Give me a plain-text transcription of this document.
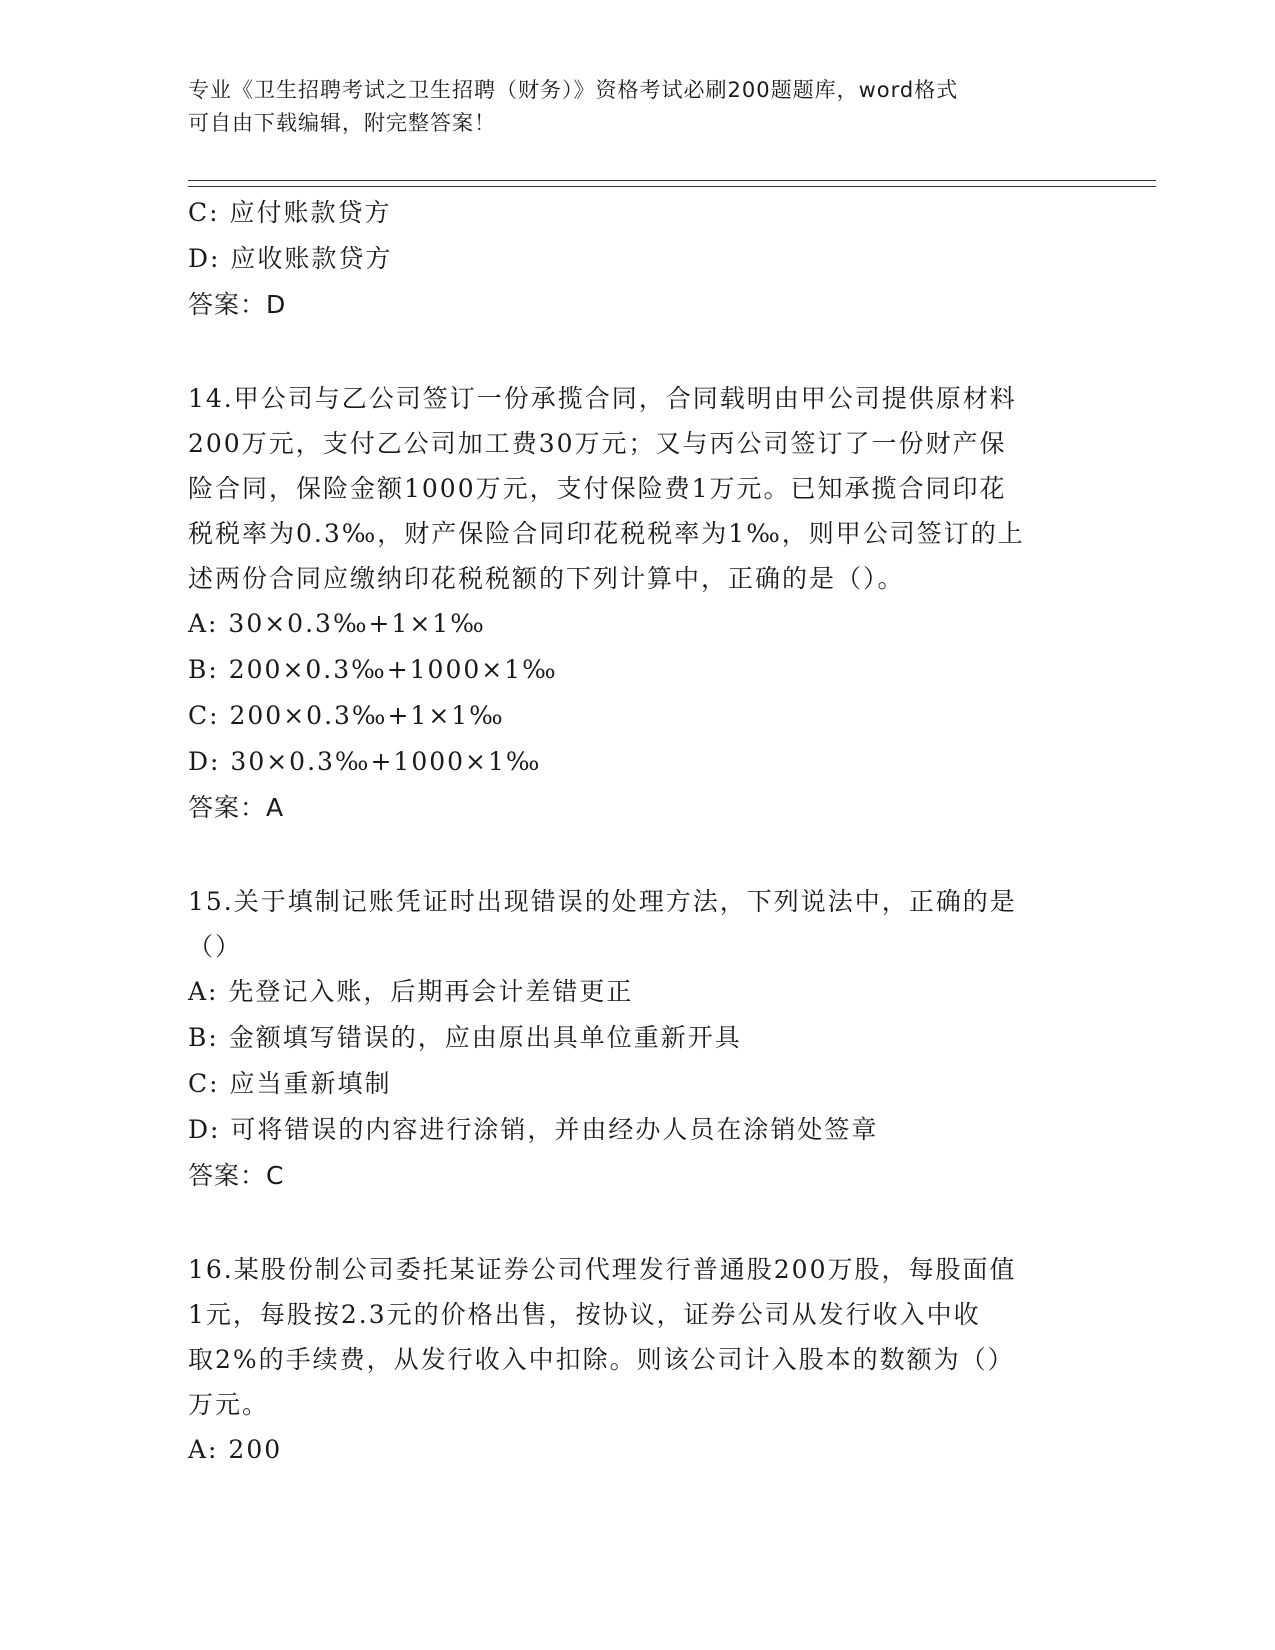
专业《卫生招聘考试之卫生招聘（财务）》资格考试必刷200题题库，word格式
可自由下载编辑，附完整答案！
C: 应付账款贷方
D: 应收账款贷方
答案：D
14.甲公司与乙公司签订一份承揽合同，合同载明由甲公司提供原材料
200万元，支付乙公司加工费30万元；又与丙公司签订了一份财产保
险合同，保险金额1000万元，支付保险费1万元。已知承揽合同印花
税税率为0.3‰，财产保险合同印花税税率为1‰，则甲公司签订的上
述两份合同应缴纳印花税税额的下列计算中，正确的是（）。
A: 30×0.3‰+1×1‰
B: 200×0.3‰+1000×1‰
C: 200×0.3‰+1×1‰
D: 30×0.3‰+1000×1‰
答案：A
15.关于填制记账凭证时出现错误的处理方法，下列说法中，正确的是
（）
A: 先登记入账，后期再会计差错更正
B: 金额填写错误的，应由原出具单位重新开具
C: 应当重新填制
D: 可将错误的内容进行涂销，并由经办人员在涂销处签章
答案：C
16.某股份制公司委托某证券公司代理发行普通股200万股，每股面值
1元，每股按2.3元的价格出售，按协议，证券公司从发行收入中收
取2%的手续费，从发行收入中扣除。则该公司计入股本的数额为（）
万元。
A: 200
